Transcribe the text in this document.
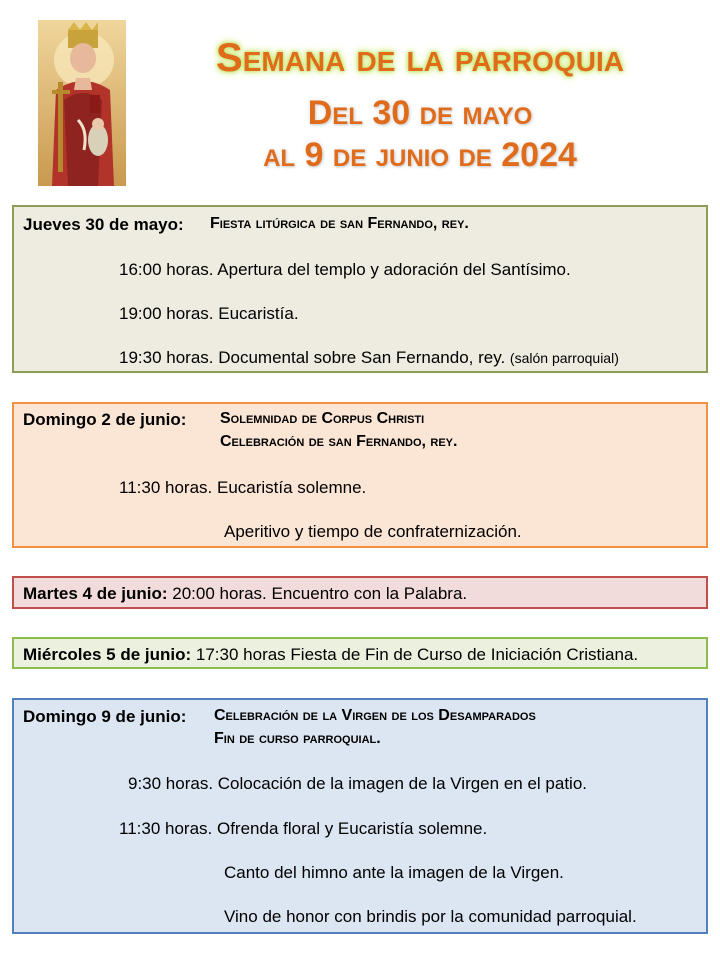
Semana de la parroquia
Del 30 de mayo
al 9 de junio de 2024
Jueves 30 de mayo: Fiesta litúrgica de san Fernando, rey.
16:00 horas. Apertura del templo y adoración del Santísimo.
19:00 horas. Eucaristía.
19:30 horas. Documental sobre San Fernando, rey. (salón parroquial)
Domingo 2 de junio: Solemnidad de Corpus Christi
Celebración de san Fernando, rey.
11:30 horas. Eucaristía solemne.
Aperitivo y tiempo de confraternización.
Martes 4 de junio: 20:00 horas. Encuentro con la Palabra.
Miércoles 5 de junio: 17:30 horas Fiesta de Fin de Curso de Iniciación Cristiana.
Domingo 9 de junio: Celebración de la Virgen de los Desamparados
Fin de curso parroquial.
9:30 horas. Colocación de la imagen de la Virgen en el patio.
11:30 horas. Ofrenda floral y Eucaristía solemne.
Canto del himno ante la imagen de la Virgen.
Vino de honor con brindis por la comunidad parroquial.
